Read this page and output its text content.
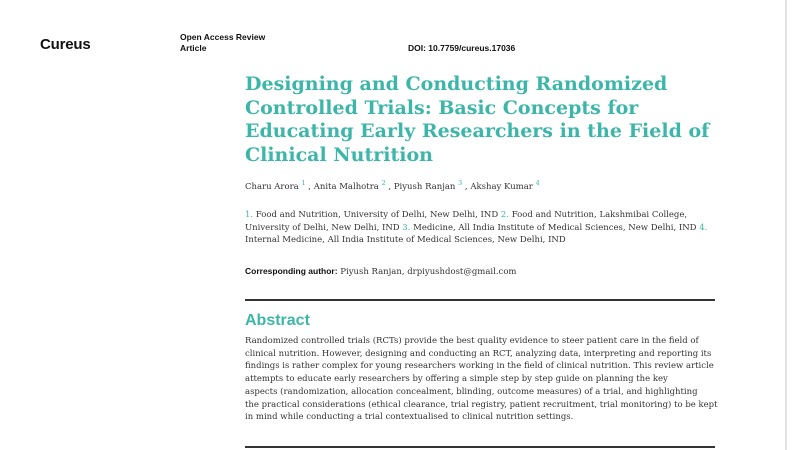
Cureus	Open Access Review
Article	DOI: 10.7759/cureus.17036
Designing and Conducting Randomized Controlled Trials: Basic Concepts for Educating Early Researchers in the Field of Clinical Nutrition
Charu Arora $^1$ , Anita Malhotra $^2$ , Piyush Ranjan $^3$ , Akshay Kumar $^4$
1. Food and Nutrition, University of Delhi, New Delhi, IND 2. Food and Nutrition, Lakshmibai College, University of Delhi, New Delhi, IND 3. Medicine, All India Institute of Medical Sciences, New Delhi, IND 4. Internal Medicine, All India Institute of Medical Sciences, New Delhi, IND
Corresponding author: Piyush Ranjan, drpiyushdost@gmail.com
Abstract
Randomized controlled trials (RCTs) provide the best quality evidence to steer patient care in the field of
clinical nutrition. However, designing and conducting an RCT, analyzing data, interpreting and reporting its
findings is rather complex for young researchers working in the field of clinical nutrition. This review article
attempts to educate early researchers by offering a simple step by step guide on planning the key
aspects (randomization, allocation concealment, blinding, outcome measures) of a trial, and highlighting
the practical considerations (ethical clearance, trial registry, patient recruitment, trial monitoring) to be kept
in mind while conducting a trial contextualised to clinical nutrition settings.
